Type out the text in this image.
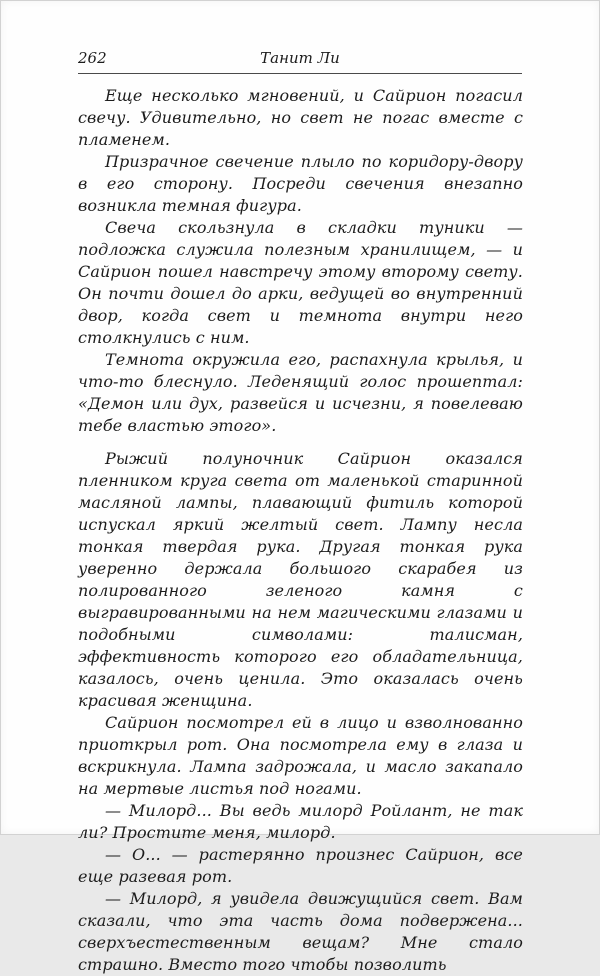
262	Танит Ли

Еще несколько мгновений, и Сайрион погасил свечу. Удивительно, но свет не погас вместе с пламенем.

Призрачное свечение плыло по коридору-двору в его сторону. Посреди свечения внезапно возникла темная фигура.

Свеча скользнула в складки туники — подложка служила полезным хранилищем, — и Сайрион пошел навстречу этому второму свету. Он почти дошел до арки, ведущей во внутренний двор, когда свет и темнота внутри него столкнулись с ним.

Темнота окружила его, распахнула крылья, и что-то блеснуло. Леденящий голос прошептал: «Демон или дух, развейся и исчезни, я повелеваю тебе властью этого».

Рыжий полуночник Сайрион оказался пленником круга света от маленькой старинной масляной лампы, плавающий фитиль которой испускал яркий желтый свет. Лампу несла тонкая твердая рука. Другая тонкая рука уверенно держала большого скарабея из полированного зеленого камня с выгравированными на нем магическими глазами и подобными символами: талисман, эффективность которого его обладательница, казалось, очень ценила. Это оказалась очень красивая женщина.

Сайрион посмотрел ей в лицо и взволнованно приоткрыл рот. Она посмотрела ему в глаза и вскрикнула. Лампа задрожала, и масло закапало на мертвые листья под ногами.

— Милорд... Вы ведь милорд Ройлант, не так ли? Простите меня, милорд.

— О... — растерянно произнес Сайрион, все еще разевая рот.

— Милорд, я увидела движущийся свет. Вам сказали, что эта часть дома подвержена... сверхъестественным вещам? Мне стало страшно. Вместо того чтобы позволить
